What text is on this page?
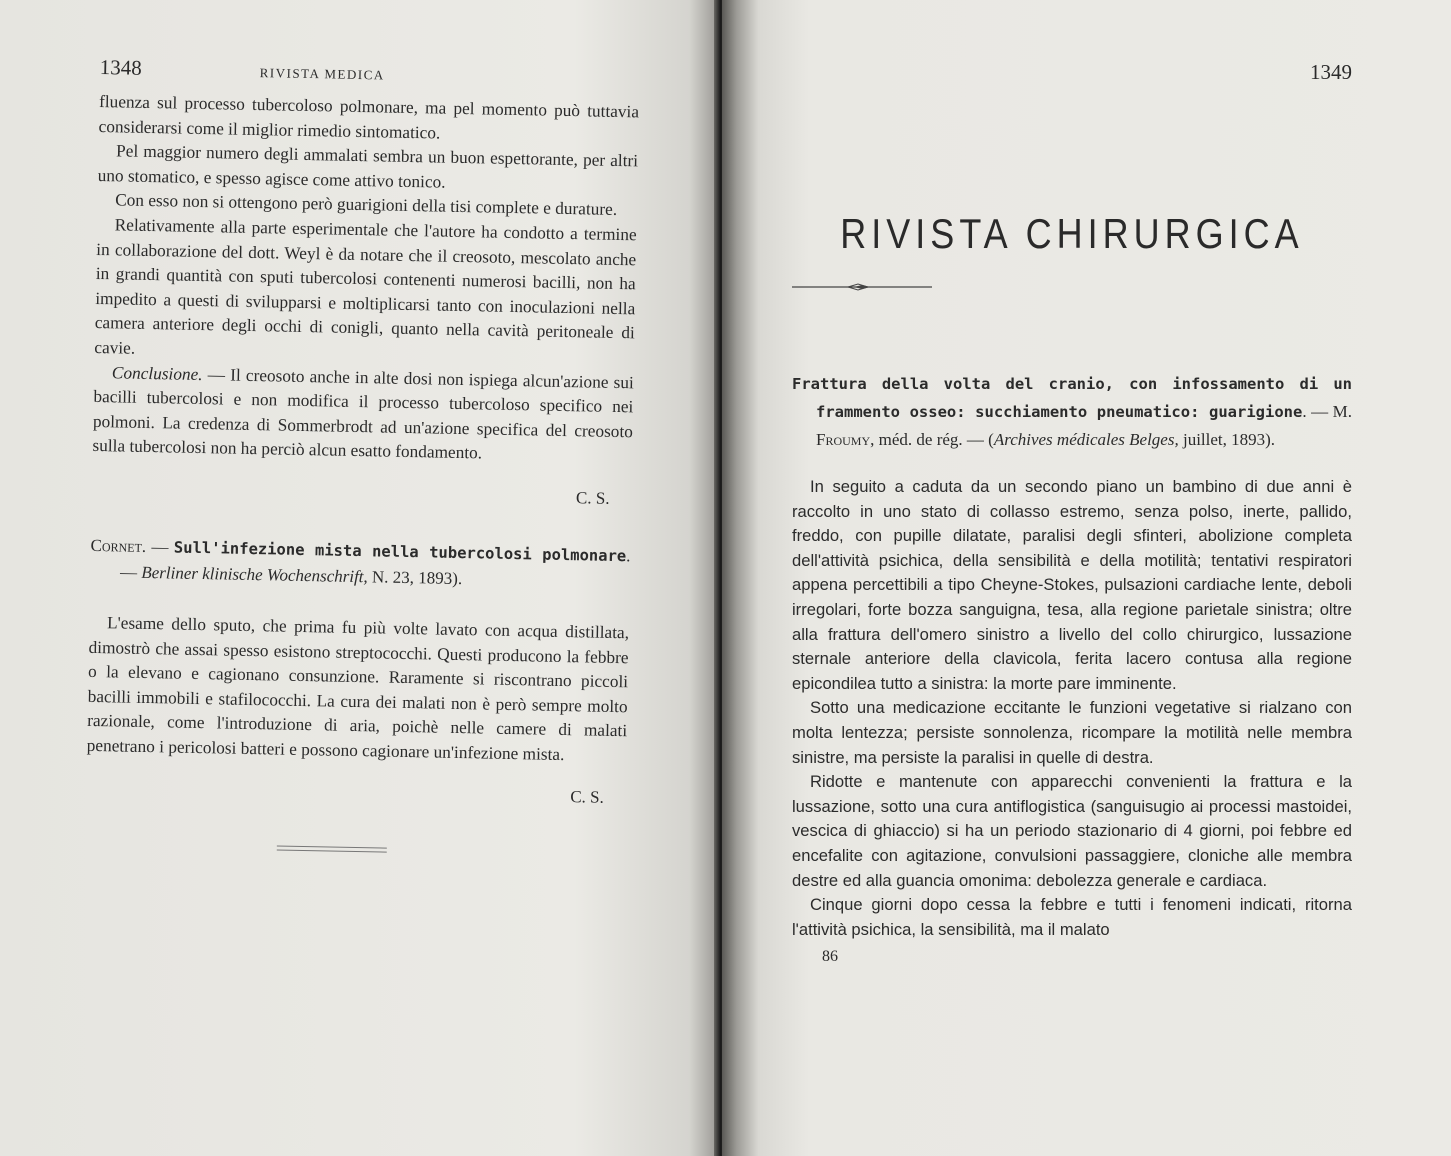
1348	RIVISTA MEDICA

fluenza sul processo tubercoloso polmonare, ma pel momento può tuttavia considerarsi come il miglior rimedio sintomatico.

Pel maggior numero degli ammalati sembra un buon espettorante, per altri uno stomatico, e spesso agisce come attivo tonico.

Con esso non si ottengono però guarigioni della tisi complete e durature.

Relativamente alla parte esperimentale che l'autore ha condotto a termine in collaborazione del dott. Weyl è da notare che il creosoto, mescolato anche in grandi quantità con sputi tubercolosi contenenti numerosi bacilli, non ha impedito a questi di svilupparsi e moltiplicarsi tanto con inoculazioni nella camera anteriore degli occhi di conigli, quanto nella cavità peritoneale di cavie.

Conclusione. — Il creosoto anche in alte dosi non ispiega alcun'azione sui bacilli tubercolosi e non modifica il processo tubercoloso specifico nei polmoni. La credenza di Sommerbrodt ad un'azione specifica del creosoto sulla tubercolosi non ha perciò alcun esatto fondamento.

C. S.
Cornet. — Sull'infezione mista nella tubercolosi polmonare. — Berliner klinische Wochenschrift, N. 23, 1893).

L'esame dello sputo, che prima fu più volte lavato con acqua distillata, dimostrò che assai spesso esistono streptococchi. Questi producono la febbre o la elevano e cagionano consunzione. Raramente si riscontrano piccoli bacilli immobili e stafilococchi. La cura dei malati non è però sempre molto razionale, come l'introduzione di aria, poichè nelle camere di malati penetrano i pericolosi batteri e possono cagionare un'infezione mista.

C. S.
1349
RIVISTA CHIRURGICA
Frattura della volta del cranio, con infossamento di un frammento osseo: succhiamento pneumatico: guarigione. — M. Froumy, méd. de rég. — (Archives médicales Belges, juillet, 1893).

In seguito a caduta da un secondo piano un bambino di due anni è raccolto in uno stato di collasso estremo, senza polso, inerte, pallido, freddo, con pupille dilatate, paralisi degli sfinteri, abolizione completa dell'attività psichica, della sensibilità e della motilità; tentativi respiratori appena percettibili a tipo Cheyne-Stokes, pulsazioni cardiache lente, deboli irregolari, forte bozza sanguigna, tesa, alla regione parietale sinistra; oltre alla frattura dell'omero sinistro a livello del collo chirurgico, lussazione sternale anteriore della clavicola, ferita lacero contusa alla regione epicondilea tutto a sinistra: la morte pare imminente.

Sotto una medicazione eccitante le funzioni vegetative si rialzano con molta lentezza; persiste sonnolenza, ricompare la motilità nelle membra sinistre, ma persiste la paralisi in quelle di destra.

Ridotte e mantenute con apparecchi convenienti la frattura e la lussazione, sotto una cura antiflogistica (sanguisugio ai processi mastoidei, vescica di ghiaccio) si ha un periodo stazionario di 4 giorni, poi febbre ed encefalite con agitazione, convulsioni passaggiere, cloniche alle membra destre ed alla guancia omonima: debolezza generale e cardiaca.

Cinque giorni dopo cessa la febbre e tutti i fenomeni indicati, ritorna l'attività psichica, la sensibilità, ma il malato

86
